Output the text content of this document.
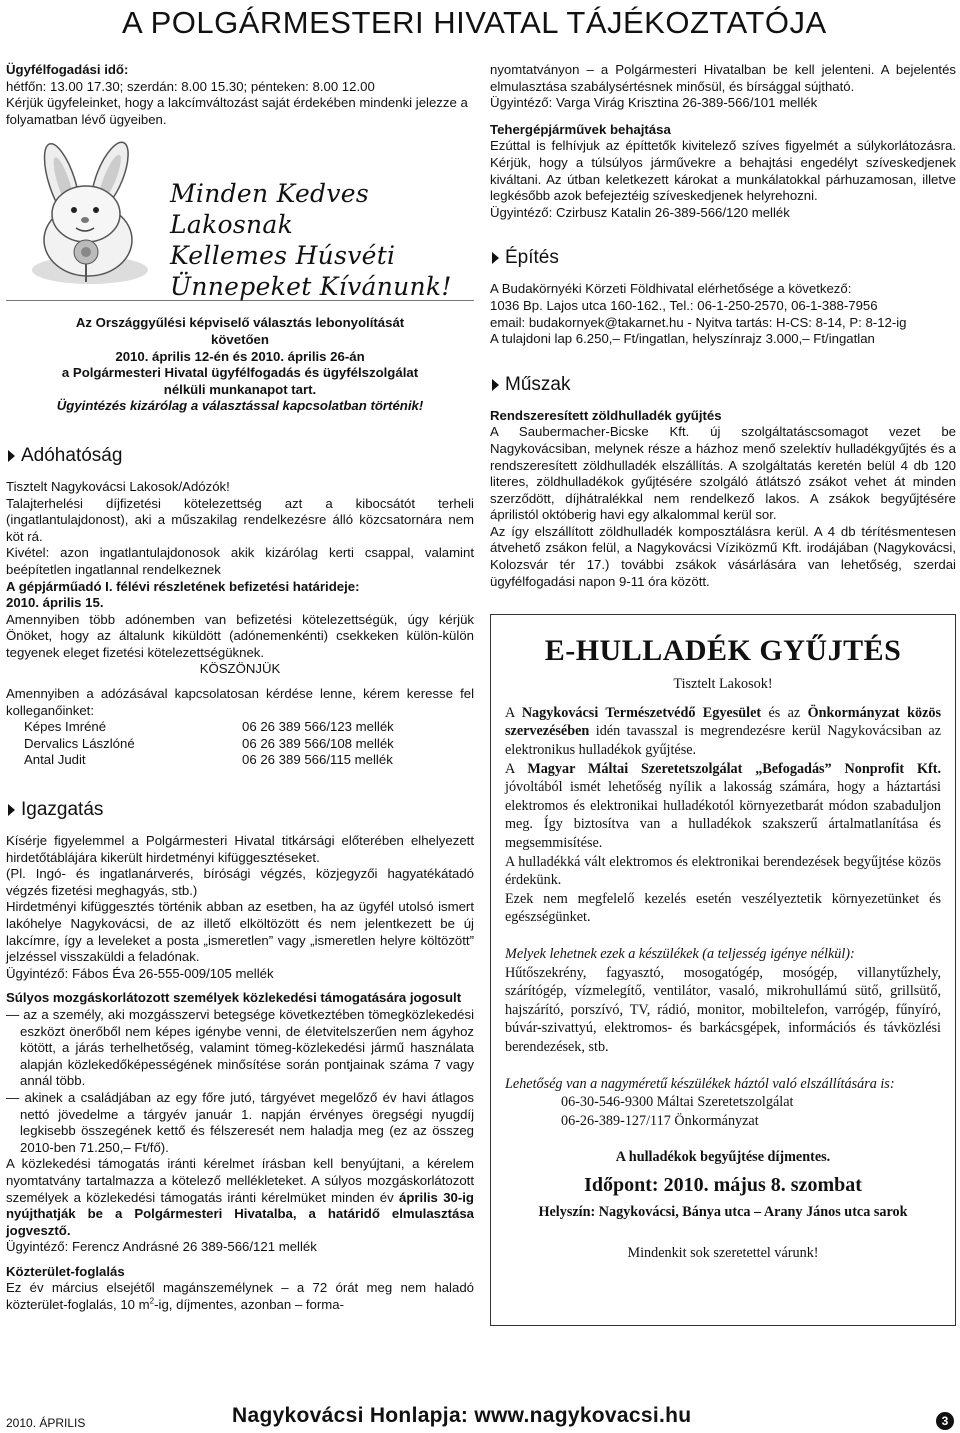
A POLGÁRMESTERI HIVATAL TÁJÉKOZTATÓJA

Ügyfélfogadási idő:

hétfőn: 13.00 17.30; szerdán: 8.00 15.30; pénteken: 8.00 12.00

Kérjük ügyfeleinket, hogy a lakcímváltozást saját érdekében mindenki jelezze a folyamatban lévő ügyeiben.

Minden Kedves Lakosnak
Kellemes Húsvéti
Ünnepeket Kívánunk!

Az Országgyűlési képviselő választás lebonyolítását

követően

2010. április 12-én és 2010. április 26-án

a Polgármesteri Hivatal ügyfélfogadás és ügyfélszolgálat

nélküli munkanapot tart.

Ügyintézés kizárólag a választással kapcsolatban történik!

Adóhatóság

Tisztelt Nagykovácsi Lakosok/Adózók!

Talajterhelési díjfizetési kötelezettség azt a kibocsátót terheli (ingatlantulajdonost), aki a műszakilag rendelkezésre álló közcsatornára nem köt rá.

Kivétel: azon ingatlantulajdonosok akik kizárólag kerti csappal, valamint beépítetlen ingatlannal rendelkeznek

A gépjárműadó I. félévi részletének befizetési határideje:

2010. április 15.

Amennyiben több adónemben van befizetési kötelezettségük, úgy kérjük Önöket, hogy az általunk kiküldött (adónemenkénti) csekkeken külön-külön tegyenek eleget fizetési kötelezettségüknek.

KÖSZÖNJÜK

Amennyiben a adózásával kapcsolatosan kérdése lenne, kérem keresse fel kolleganőinket:

Képes Imréné	06 26 389 566/123 mellék
Dervalics Lászlóné	06 26 389 566/108 mellék
Antal Judit	06 26 389 566/115 mellék
Igazgatás

Kísérje figyelemmel a Polgármesteri Hivatal titkársági előterében elhelyezett hirdetőtáblájára kikerült hirdetményi kifüggesztéseket.

(Pl. Ingó- és ingatlanárverés, bírósági végzés, közjegyzői hagyatékátadó végzés fizetési meghagyás, stb.)

Hirdetményi kifüggesztés történik abban az esetben, ha az ügyfél utolsó ismert lakóhelye Nagykovácsi, de az illető elköltözött és nem jelentkezett be új lakcímre, így a leveleket a posta „ismeretlen” vagy „ismeretlen helyre költözött” jelzéssel visszaküldi a feladónak.

Ügyintéző: Fábos Éva 26-555-009/105 mellék

Súlyos mozgáskorlátozott személyek közlekedési támogatására jogosult

— az a személy, aki mozgásszervi betegsége következtében tömegközlekedési eszközt önerőből nem képes igénybe venni, de életvitelszerűen nem ágyhoz kötött, a járás terhelhetőség, valamint tömeg-közlekedési jármű használata alapján közlekedőképességének minősítése során pontjainak száma 7 vagy annál több.

— akinek a családjában az egy főre jutó, tárgyévet megelőző év havi átlagos nettó jövedelme a tárgyév január 1. napján érvényes öregségi nyugdíj legkisebb összegének kettő és félszeresét nem haladja meg (ez az összeg 2010-ben 71.250,– Ft/fő).

A közlekedési támogatás iránti kérelmet írásban kell benyújtani, a kérelem nyomtatvány tartalmazza a kötelező mellékleteket. A súlyos mozgáskorlátozott személyek a közlekedési támogatás iránti kérelmüket minden év április 30-ig nyújthatják be a Polgármesteri Hivatalba, a határidő elmulasztása jogvesztő.

Ügyintéző: Ferencz Andrásné 26 389-566/121 mellék

Közterület-foglalás

Ez év március elsejétől magánszemélynek – a 72 órát meg nem haladó közterület-foglalás, 10 $m^2-ig$, díjmentes, azonban – forma-

nyomtatványon – a Polgármesteri Hivatalban be kell jelenteni. A bejelentés elmulasztása szabálysértésnek minősül, és bírsággal sújtható.

Ügyintéző: Varga Virág Krisztina 26-389-566/101 mellék

Tehergépjárművek behajtása

Ezúttal is felhívjuk az építtetők kivitelező szíves figyelmét a súlykorlátozásra. Kérjük, hogy a túlsúlyos járművekre a behajtási engedélyt szíveskedjenek kiváltani. Az útban keletkezett károkat a munkálatokkal párhuzamosan, illetve legkésőbb azok befejeztéig szíveskedjenek helyrehozni.

Ügyintéző: Czirbusz Katalin 26-389-566/120 mellék

Építés

A Budakörnyéki Körzeti Földhivatal elérhetősége a következő:

1036 Bp. Lajos utca 160-162., Tel.: 06-1-250-2570, 06-1-388-7956

email: budakornyek@takarnet.hu - Nyitva tartás: H-CS: 8-14, P: 8-12-ig

A tulajdoni lap 6.250,– Ft/ingatlan, helyszínrajz 3.000,– Ft/ingatlan

Műszak

Rendszeresített zöldhulladék gyűjtés

A Saubermacher-Bicske Kft. új szolgáltatáscsomagot vezet be Nagykovácsiban, melynek része a házhoz menő szelektív hulladékgyűjtés és a rendszeresített zöldhulladék elszállítás. A szolgáltatás keretén belül 4 db 120 literes, zöldhulladékok gyűjtésére szolgáló átlátszó zsákot vehet át minden szerződött, díjhátralékkal nem rendelkező lakos. A zsákok begyűjtésére áprilistól októberig havi egy alkalommal kerül sor.

Az így elszállított zöldhulladék komposztálásra kerül. A 4 db térítésmentesen átvehető zsákon felül, a Nagykovácsi Víziközmű Kft. irodájában (Nagykovácsi, Kolozsvár tér 17.) további zsákok vásárlására van lehetőség, szerdai ügyfélfogadási napon 9-11 óra között.

E-HULLADÉK GYŰJTÉS

Tisztelt Lakosok!

A Nagykovácsi Természetvédő Egyesület és az Önkormányzat közös szervezésében idén tavasszal is megrendezésre kerül Nagykovácsiban az elektronikus hulladékok gyűjtése.

A Magyar Máltai Szeretetszolgálat „Befogadás” Nonprofit Kft. jóvoltából ismét lehetőség nyílik a lakosság számára, hogy a háztartási elektromos és elektronikai hulladékotól környezetbarát módon szabaduljon meg. Így biztosítva van a hulladékok szakszerű ártalmatlanítása és megsemmisítése.

A hulladékká vált elektromos és elektronikai berendezések begyűjtése közös érdekünk.

Ezek nem megfelelő kezelés esetén veszélyeztetik környezetünket és egészségünket.

Melyek lehetnek ezek a készülékek (a teljesség igénye nélkül):

Hűtőszekrény, fagyasztó, mosogatógép, mosógép, villanytűzhely, szárítógép, vízmelegítő, ventilátor, vasaló, mikrohullámú sütő, grillsütő, hajszárító, porszívó, TV, rádió, monitor, mobiltelefon, varrógép, fűnyíró, búvár-szivattyú, elektromos- és barkácsgépek, információs és távközlési berendezések, stb.

Lehetőség van a nagyméretű készülékek háztól való elszállítására is:

06-30-546-9300 Máltai Szeretetszolgálat

06-26-389-127/117 Önkormányzat

A hulladékok begyűjtése díjmentes.

Időpont: 2010. május 8. szombat

Helyszín: Nagykovácsi, Bánya utca – Arany János utca sarok

Mindenkit sok szeretettel várunk!

2010. ÁPRILIS	Nagykovácsi Honlapja: www.nagykovacsi.hu	3
